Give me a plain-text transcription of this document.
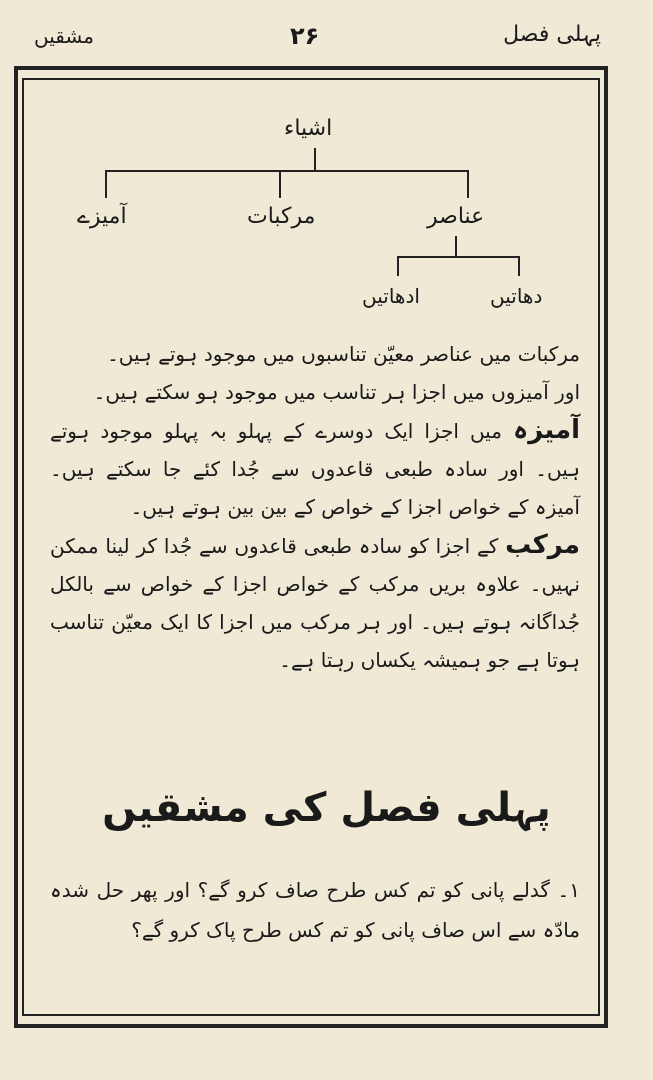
مشقیں	۲۶	پہلی فصل
اشیاء
عناصر
مرکبات
آمیزے
دھاتیں
ادھاتیں

مرکبات میں عناصر معیّن تناسبوں میں موجود ہوتے ہیں۔

اور آمیزوں میں اجزا ہر تناسب میں موجود ہو سکتے ہیں۔

آمیزہ میں اجزا ایک دوسرے کے پہلو بہ پہلو موجود ہوتے ہیں۔ اور سادہ طبعی قاعدوں سے جُدا کئے جا سکتے ہیں۔ آمیزہ کے خواص اجزا کے خواص کے بین بین ہوتے ہیں۔

مرکب کے اجزا کو سادہ طبعی قاعدوں سے جُدا کر لینا ممکن نہیں۔ علاوہ بریں مرکب کے خواص اجزا کے خواص سے بالکل جُداگانہ ہوتے ہیں۔ اور ہر مرکب میں اجزا کا ایک معیّن تناسب ہوتا ہے جو ہمیشہ یکساں رہتا ہے۔

پہلی فصل کی مشقیں

۱۔ گدلے پانی کو تم کس طرح صاف کرو گے؟ اور پھر حل شدہ مادّہ سے اس صاف پانی کو تم کس طرح پاک کرو گے؟
